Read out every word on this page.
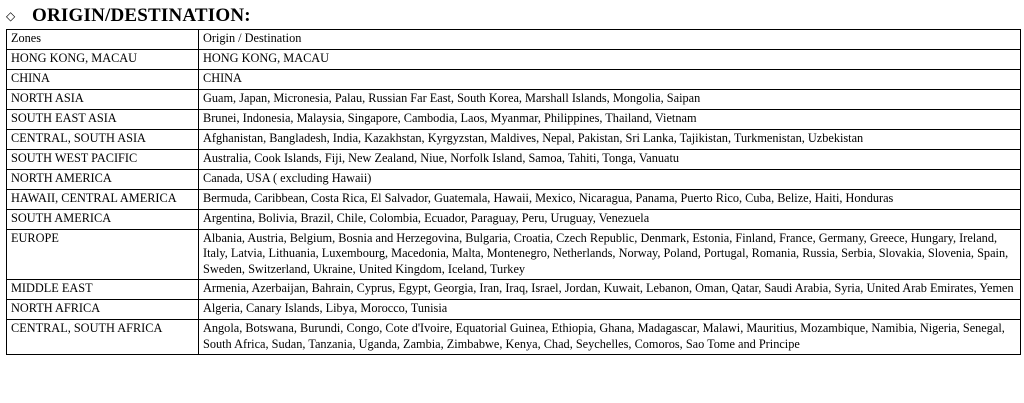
◇ ORIGIN/DESTINATION:
Zones	Origin / Destination
HONG KONG, MACAU	HONG KONG, MACAU
CHINA	CHINA
NORTH ASIA	Guam, Japan, Micronesia, Palau, Russian Far East, South Korea, Marshall Islands, Mongolia, Saipan
SOUTH EAST ASIA	Brunei, Indonesia, Malaysia, Singapore, Cambodia, Laos, Myanmar, Philippines, Thailand, Vietnam
CENTRAL, SOUTH ASIA	Afghanistan, Bangladesh, India, Kazakhstan, Kyrgyzstan, Maldives, Nepal, Pakistan, Sri Lanka, Tajikistan, Turkmenistan, Uzbekistan
SOUTH WEST PACIFIC	Australia, Cook Islands, Fiji, New Zealand, Niue, Norfolk Island, Samoa, Tahiti, Tonga, Vanuatu
NORTH AMERICA	Canada, USA ( excluding Hawaii)
HAWAII, CENTRAL AMERICA	Bermuda, Caribbean, Costa Rica, El Salvador, Guatemala, Hawaii, Mexico, Nicaragua, Panama, Puerto Rico, Cuba, Belize, Haiti, Honduras
SOUTH AMERICA	Argentina, Bolivia, Brazil, Chile, Colombia, Ecuador, Paraguay, Peru, Uruguay, Venezuela
EUROPE	Albania, Austria, Belgium, Bosnia and Herzegovina, Bulgaria, Croatia, Czech Republic, Denmark, Estonia, Finland, France, Germany, Greece, Hungary, Ireland, Italy, Latvia, Lithuania, Luxembourg, Macedonia, Malta, Montenegro, Netherlands, Norway, Poland, Portugal, Romania, Russia, Serbia, Slovakia, Slovenia, Spain, Sweden, Switzerland, Ukraine, United Kingdom, Iceland, Turkey
MIDDLE EAST	Armenia, Azerbaijan, Bahrain, Cyprus, Egypt, Georgia, Iran, Iraq, Israel, Jordan, Kuwait, Lebanon, Oman, Qatar, Saudi Arabia, Syria, United Arab Emirates, Yemen
NORTH AFRICA	Algeria, Canary Islands, Libya, Morocco, Tunisia
CENTRAL, SOUTH AFRICA	Angola, Botswana, Burundi, Congo, Cote d'Ivoire, Equatorial Guinea, Ethiopia, Ghana, Madagascar, Malawi, Mauritius, Mozambique, Namibia, Nigeria, Senegal, South Africa, Sudan, Tanzania, Uganda, Zambia, Zimbabwe, Kenya, Chad, Seychelles, Comoros, Sao Tome and Principe
